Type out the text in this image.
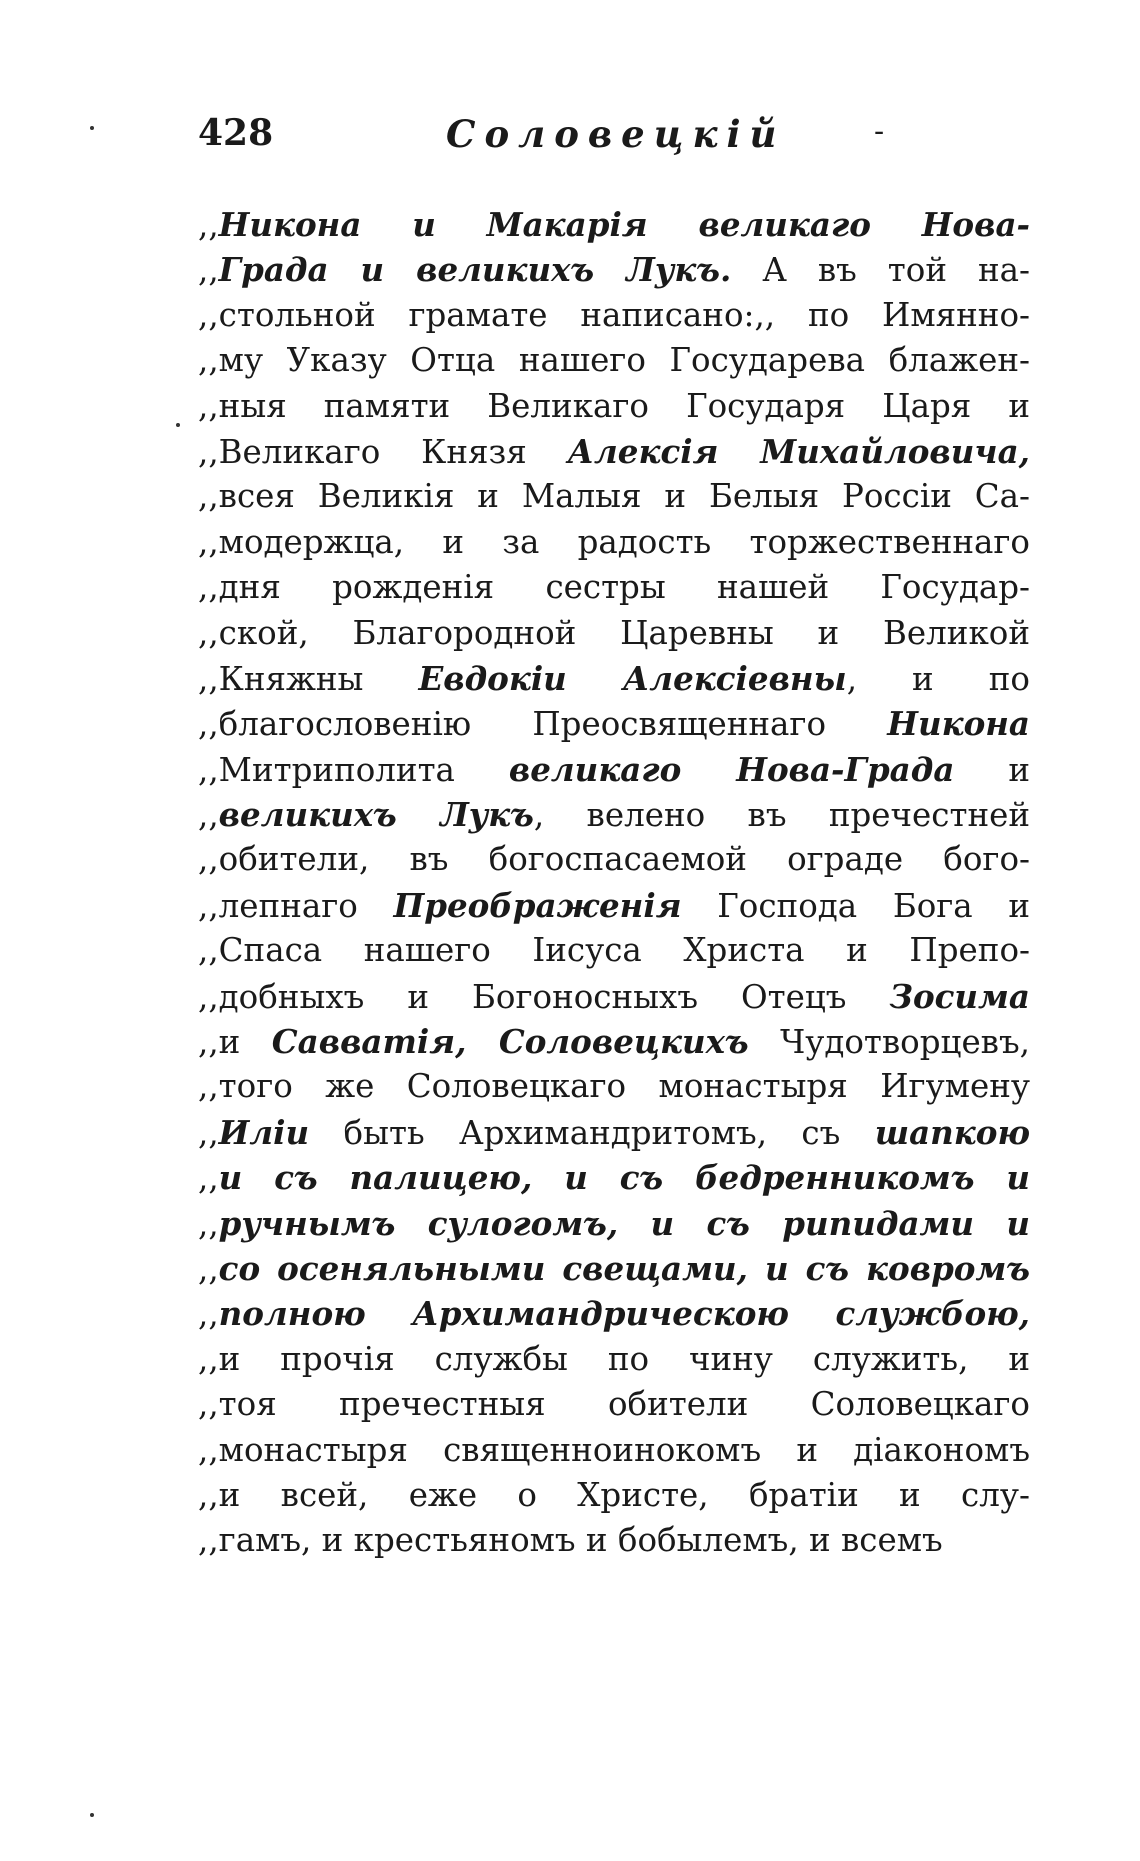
428	Соловецкій	-
,,Никона и Макарія великаго Нова-
,,Града и великихъ Лукъ. А въ той на-
,,стольной грамате написано:,, по Имянно-
,,му Указу Отца нашего Государева блажен-
,,ныя памяти Великаго Государя Царя и
,,Великаго Князя Алексія Михайловича,
,,всея Великія и Малыя и Белыя Россіи Са-
,,модержца, и за радость торжественнаго
,,дня рожденія сестры нашей Государ-
,,ской, Благородной Царевны и Великой
,,Княжны Евдокіи Алексіевны, и по
,,благословенію Преосвященнаго Никона
,,Митриполита великаго Нова-Града и
,,великихъ Лукъ, велено въ пречестней
,,обители, въ богоспасаемой ограде бого-
,,лепнаго Преображенія Господа Бога и
,,Спаса нашего Іисуса Христа и Препо-
,,добныхъ и Богоносныхъ Отецъ Зосима
,,и Савватія, Соловецкихъ Чудотворцевъ,
,,того же Соловецкаго монастыря Игумену
,,Иліи быть Архимандритомъ, съ шапкою
,,и съ палицею, и съ бедренникомъ и
,,ручнымъ сулогомъ, и съ рипидами и
,,со осеняльными свещами, и съ ковромъ
,,полною Архимандрическою службою,
,,и прочія службы по чину служить, и
,,тоя пречестныя обители Соловецкаго
,,монастыря священноинокомъ и діакономъ
,,и всей, еже о Христе, братіи и слу-
,,гамъ, и крестьяномъ и бобылемъ, и всемъ
